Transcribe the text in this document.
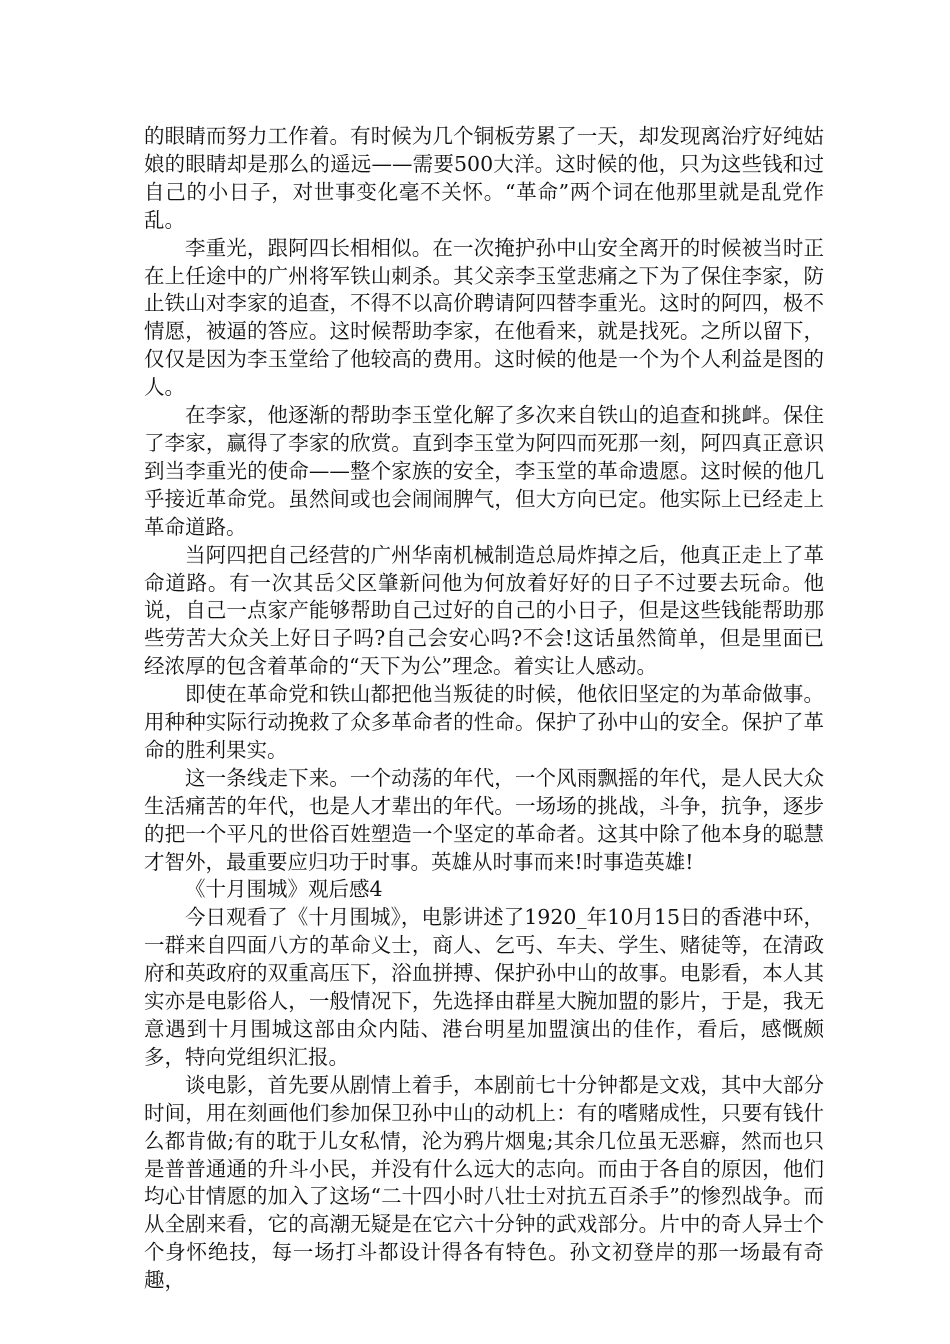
的眼睛而努力工作着。有时候为几个铜板劳累了一天，却发现离治疗好纯姑娘的眼睛却是那么的遥远——需要500大洋。这时候的他，只为这些钱和过自己的小日子，对世事变化毫不关怀。“革命”两个词在他那里就是乱党作乱。

李重光，跟阿四长相相似。在一次掩护孙中山安全离开的时候被当时正在上任途中的广州将军铁山刺杀。其父亲李玉堂悲痛之下为了保住李家，防止铁山对李家的追查，不得不以高价聘请阿四替李重光。这时的阿四，极不情愿，被逼的答应。这时候帮助李家，在他看来，就是找死。之所以留下，仅仅是因为李玉堂给了他较高的费用。这时候的他是一个为个人利益是图的人。

在李家，他逐渐的帮助李玉堂化解了多次来自铁山的追查和挑衅。保住了李家，赢得了李家的欣赏。直到李玉堂为阿四而死那一刻，阿四真正意识到当李重光的使命——整个家族的安全，李玉堂的革命遗愿。这时候的他几乎接近革命党。虽然间或也会闹闹脾气，但大方向已定。他实际上已经走上革命道路。

当阿四把自己经营的广州华南机械制造总局炸掉之后，他真正走上了革命道路。有一次其岳父区肇新问他为何放着好好的日子不过要去玩命。他说，自己一点家产能够帮助自己过好的自己的小日子，但是这些钱能帮助那些劳苦大众关上好日子吗?自己会安心吗?不会!这话虽然简单，但是里面已经浓厚的包含着革命的“天下为公”理念。着实让人感动。

即使在革命党和铁山都把他当叛徒的时候，他依旧坚定的为革命做事。用种种实际行动挽救了众多革命者的性命。保护了孙中山的安全。保护了革命的胜利果实。

这一条线走下来。一个动荡的年代，一个风雨飘摇的年代，是人民大众生活痛苦的年代，也是人才辈出的年代。一场场的挑战，斗争，抗争，逐步的把一个平凡的世俗百姓塑造一个坚定的革命者。这其中除了他本身的聪慧才智外，最重要应归功于时事。英雄从时事而来!时事造英雄!

《十月围城》观后感4

今日观看了《十月围城》，电影讲述了1920_年10月15日的香港中环，一群来自四面八方的革命义士，商人、乞丐、车夫、学生、赌徒等，在清政府和英政府的双重高压下，浴血拼搏、保护孙中山的故事。电影看，本人其实亦是电影俗人，一般情况下，先选择由群星大腕加盟的影片，于是，我无意遇到十月围城这部由众内陆、港台明星加盟演出的佳作，看后，感慨颇多，特向党组织汇报。

谈电影，首先要从剧情上着手，本剧前七十分钟都是文戏，其中大部分时间，用在刻画他们参加保卫孙中山的动机上：有的嗜赌成性，只要有钱什么都肯做;有的耽于儿女私情，沦为鸦片烟鬼;其余几位虽无恶癖，然而也只是普普通通的升斗小民，并没有什么远大的志向。而由于各自的原因，他们均心甘情愿的加入了这场“二十四小时八壮士对抗五百杀手”的惨烈战争。而从全剧来看，它的高潮无疑是在它六十分钟的武戏部分。片中的奇人异士个个身怀绝技，每一场打斗都设计得各有特色。孙文初登岸的那一场最有奇趣，
